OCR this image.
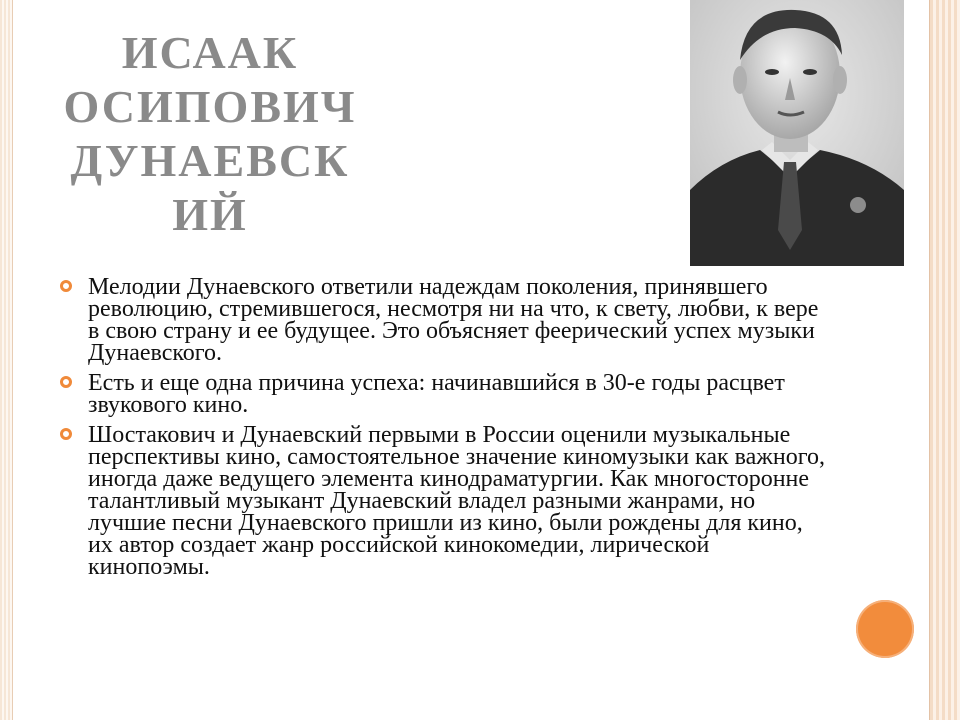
ИСААК
ОСИПОВИЧ
ДУНАЕВСК
ИЙ
Мелодии Дунаевского ответили надеждам поколения, принявшего революцию, стремившегося, несмотря ни на что, к свету, любви, к вере в свою страну и ее будущее. Это объясняет феерический успех музыки Дунаевского.
Есть и еще одна причина успеха: начинавшийся в 30-е годы расцвет звукового кино.
Шостакович и Дунаевский первыми в России оценили музыкальные перспективы кино, самостоятельное значение киномузыки как важного, иногда даже ведущего элемента кинодраматургии. Как многосторонне талантливый музыкант Дунаевский владел разными жанрами, но лучшие песни Дунаевского пришли из кино, были рождены для кино, их автор создает жанр российской кинокомедии, лирической кинопоэмы.
